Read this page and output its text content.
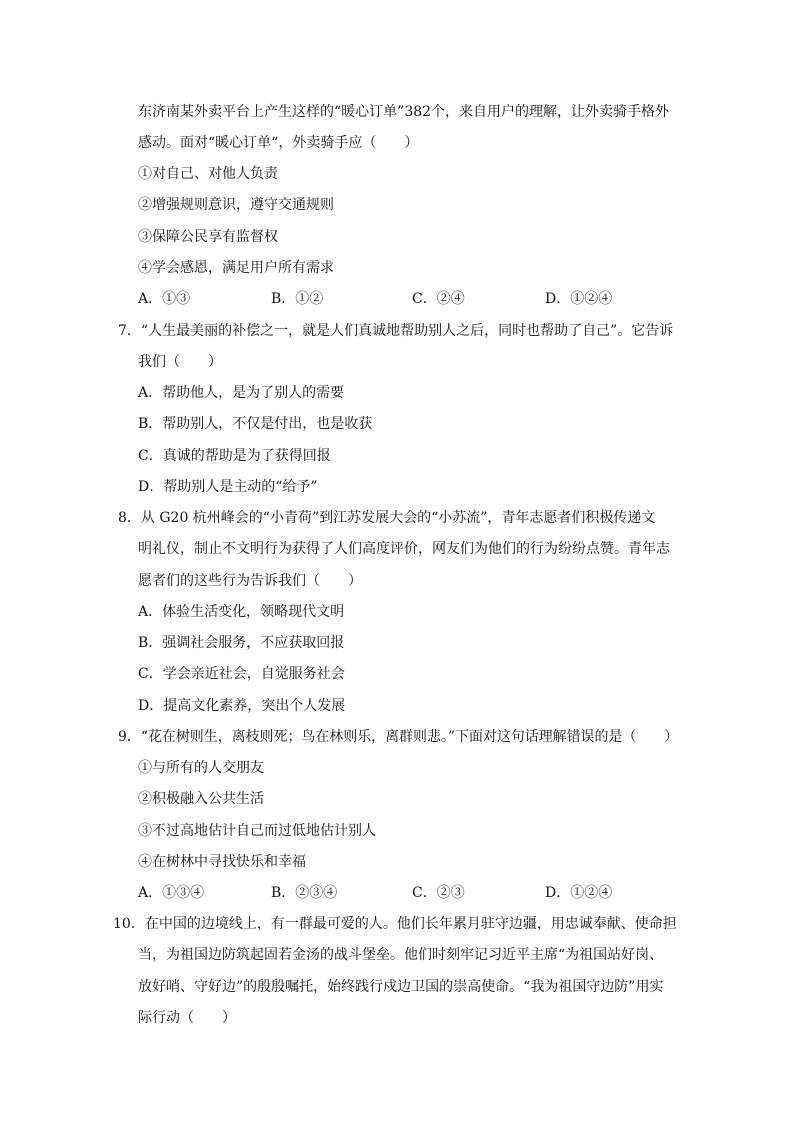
东济南某外卖平台上产生这样的“暖心订单”382个，来自用户的理解，让外卖骑手格外
感动。面对“暖心订单“，外卖骑手应（　　）
①对自己、对他人负责
②增强规则意识，遵守交通规则
③保障公民享有监督权
④学会感恩，满足用户所有需求
A．①③	B．①②	C．②④	D．①②④
7．“人生最美丽的补偿之一，就是人们真诚地帮助别人之后，同时也帮助了自己”。它告诉
我们（　　）
A．帮助他人，是为了别人的需要
B．帮助别人，不仅是付出，也是收获
C．真诚的帮助是为了获得回报
D．帮助别人是主动的“给予”
8．从 G20 杭州峰会的“小青荷”到江苏发展大会的“小苏流”，青年志愿者们积极传递文
明礼仪，制止不文明行为获得了人们高度评价，网友们为他们的行为纷纷点赞。青年志
愿者们的这些行为告诉我们（　　）
A．体验生活变化，领略现代文明
B．强调社会服务，不应获取回报
C．学会亲近社会，自觉服务社会
D．提高文化素养，突出个人发展
9．“花在树则生，离枝则死；鸟在林则乐，离群则悲。”下面对这句话理解错误的是（　　）
①与所有的人交朋友
②积极融入公共生活
③不过高地估计自己而过低地估计别人
④在树林中寻找快乐和幸福
A．①③④	B．②③④	C．②③	D．①②④
10．在中国的边境线上，有一群最可爱的人。他们长年累月驻守边疆，用忠诚奉献、使命担
当，为祖国边防筑起固若金汤的战斗堡垒。他们时刻牢记习近平主席“为祖国站好岗、
放好哨、守好边”的殷殷嘱托，始终践行戍边卫国的崇高使命。“我为祖国守边防”用实
际行动（　　）
